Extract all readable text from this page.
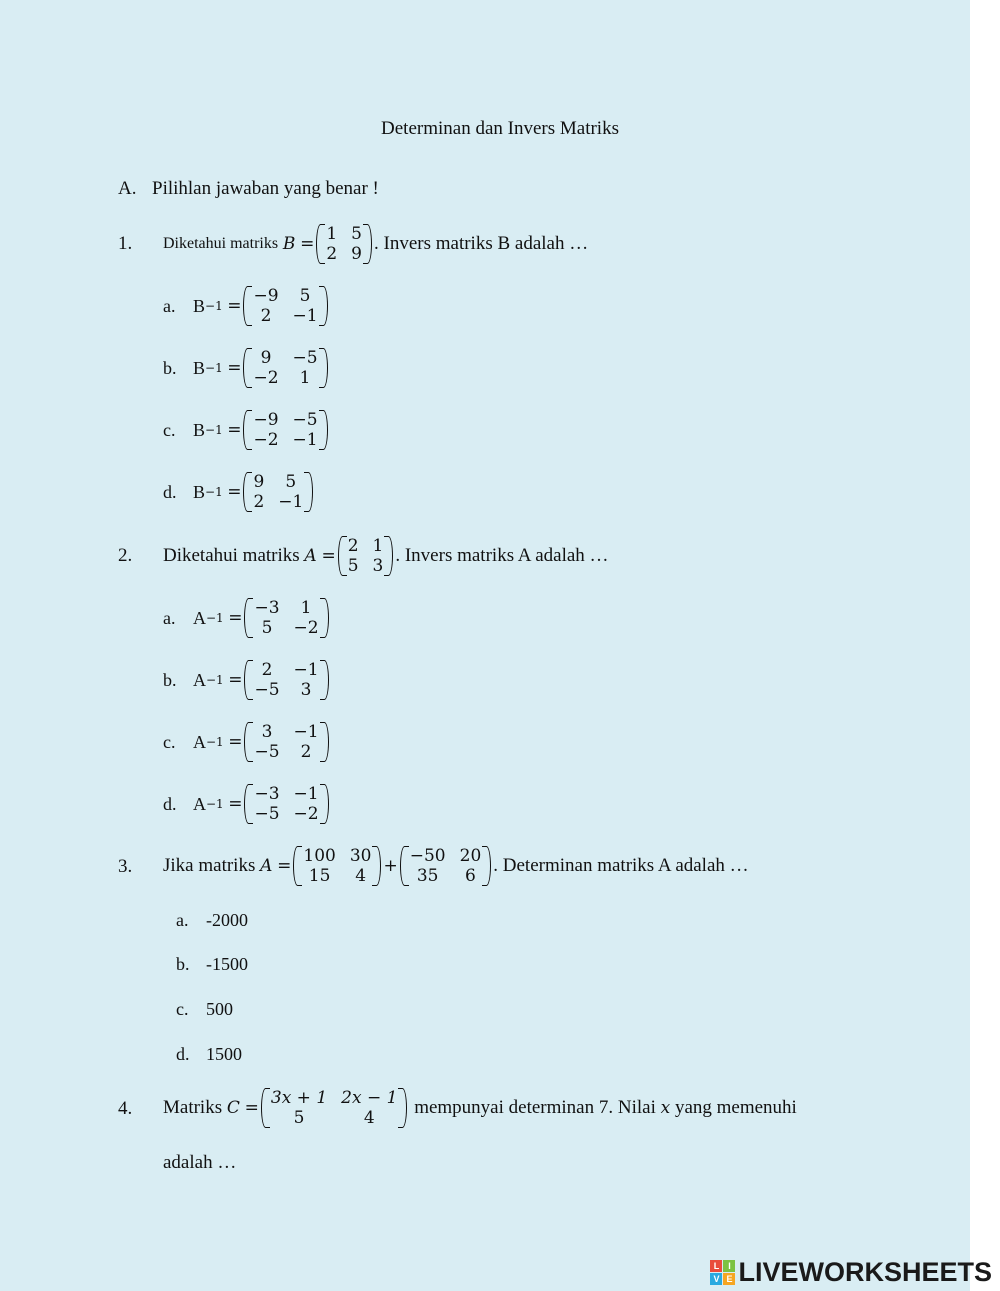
Determinan dan Invers Matriks
A. Pilihlan jawaban yang benar !
1. Diketahui matriks
B
= 1 5
2 9 . Invers matriks B adalah …
a. B −1
= −9	5
2	−1
b. B −1
=	9	−5
−2	1
c. B −1
= −9 −5
−2 −1
d. B −1
= 9	5
2 −1
2. Diketahui matriks
A
= 2 1
5 3 . Invers matriks A adalah …
a. A −1
= −3	1
5	−2
b. A −1
=	2	−1
−5	3
c. A −1
=	3	−1
−5	2
d. A −1
= −3 −1
−5 −2
3. Jika matriks
A
= 100 30
15	4	+ −50 20
35	6 . Determinan matriks A adalah …
a. -2000
b. -1500
c. 500
d. 1500
4. Matriks
C
= 3x + 1 2x − 1
5	4
	mempunyai determinan 7. Nilai
x
yang memenuhi
adalah …
L I
V E LIVEWORKSHEETS
